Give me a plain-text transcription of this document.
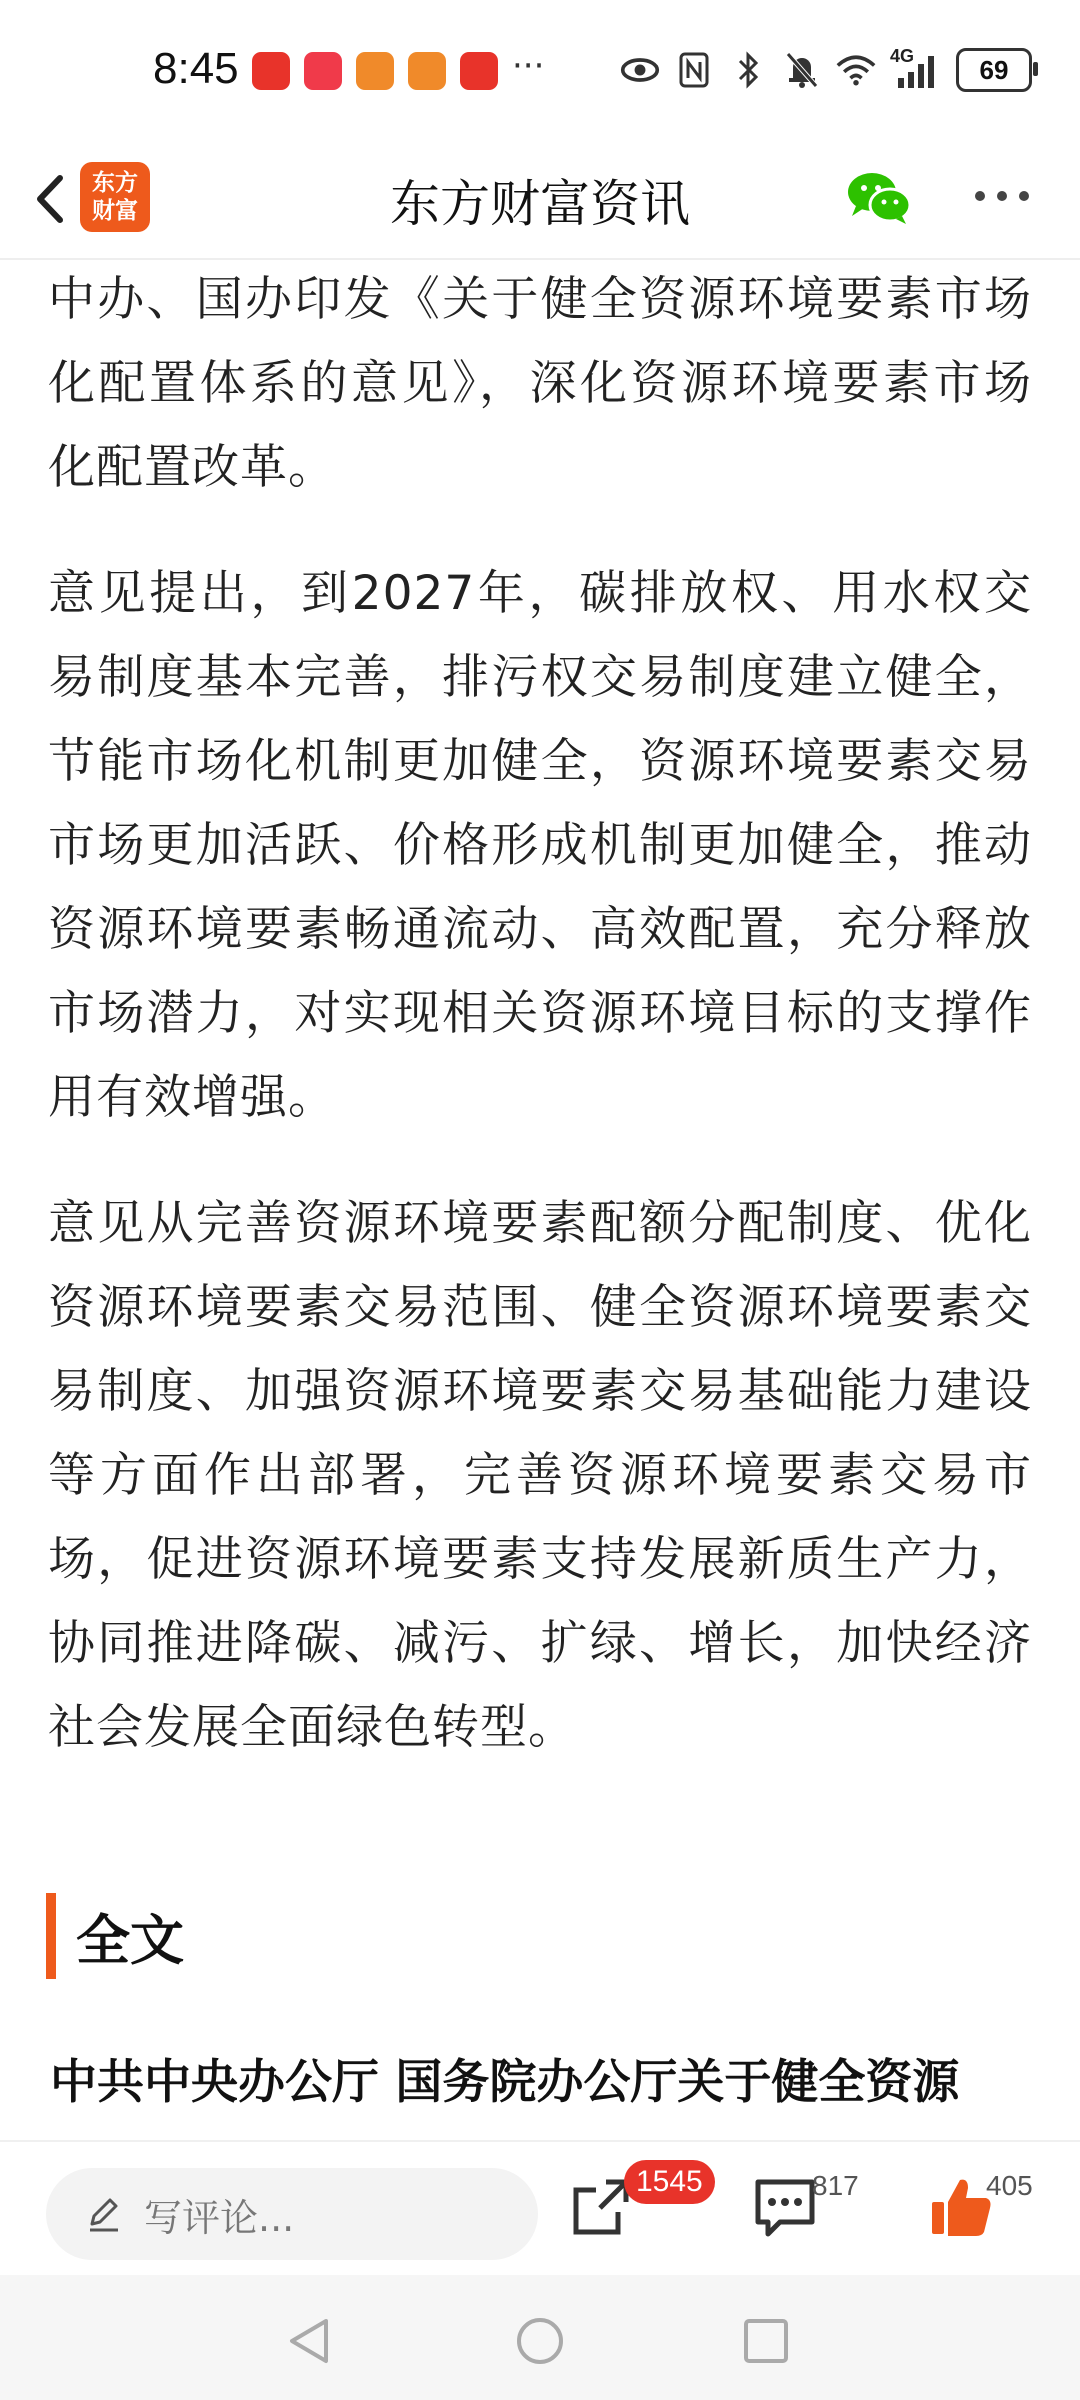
8:45	···	4G	69
东方
财富	东方财富资讯

中办、国办印发《关于健全资源环境要素市场化配置体系的意见》，深化资源环境要素市场化配置改革。

意见提出，到2027年，碳排放权、用水权交易制度基本完善，排污权交易制度建立健全，节能市场化机制更加健全，资源环境要素交易市场更加活跃、价格形成机制更加健全，推动资源环境要素畅通流动、高效配置，充分释放市场潜力，对实现相关资源环境目标的支撑作用有效增强。

意见从完善资源环境要素配额分配制度、优化资源环境要素交易范围、健全资源环境要素交易制度、加强资源环境要素交易基础能力建设等方面作出部署，完善资源环境要素交易市场，促进资源环境要素支持发展新质生产力，协同推进降碳、减污、扩绿、增长，加快经济社会发展全面绿色转型。

全文
中共中央办公厅 国务院办公厅关于健全资源
写评论...
1545	817	405
